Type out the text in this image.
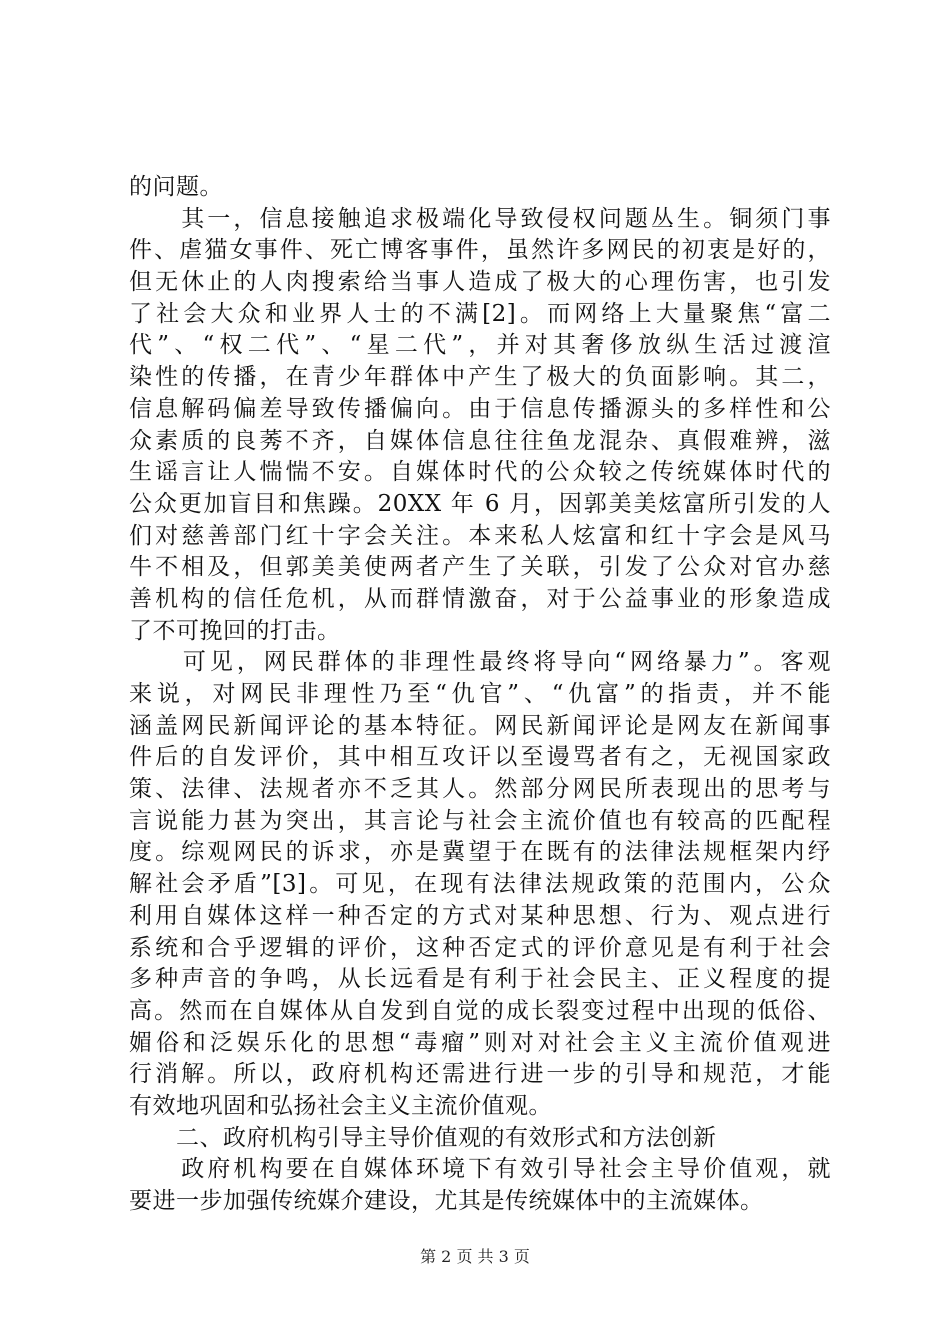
的问题。
　　其一，信息接触追求极端化导致侵权问题丛生。铜须门事
件、虐猫女事件、死亡博客事件，虽然许多网民的初衷是好的，
但无休止的人肉搜索给当事人造成了极大的心理伤害，也引发
了社会大众和业界人士的不满[2]。而网络上大量聚焦“富二
代”、“权二代”、“星二代”，并对其奢侈放纵生活过渡渲
染性的传播，在青少年群体中产生了极大的负面影响。其二，
信息解码偏差导致传播偏向。由于信息传播源头的多样性和公
众素质的良莠不齐，自媒体信息往往鱼龙混杂、真假难辨，滋
生谣言让人惴惴不安。自媒体时代的公众较之传统媒体时代的
公众更加盲目和焦躁。20XX 年 6 月，因郭美美炫富所引发的人
们对慈善部门红十字会关注。本来私人炫富和红十字会是风马
牛不相及，但郭美美使两者产生了关联，引发了公众对官办慈
善机构的信任危机，从而群情激奋，对于公益事业的形象造成
了不可挽回的打击。
　　可见，网民群体的非理性最终将导向“网络暴力”。客观
来说，对网民非理性乃至“仇官”、“仇富”的指责，并不能
涵盖网民新闻评论的基本特征。网民新闻评论是网友在新闻事
件后的自发评价，其中相互攻讦以至谩骂者有之，无视国家政
策、法律、法规者亦不乏其人。然部分网民所表现出的思考与
言说能力甚为突出，其言论与社会主流价值也有较高的匹配程
度。综观网民的诉求，亦是冀望于在既有的法律法规框架内纾
解社会矛盾”[3]。可见，在现有法律法规政策的范围内，公众
利用自媒体这样一种否定的方式对某种思想、行为、观点进行
系统和合乎逻辑的评价，这种否定式的评价意见是有利于社会
多种声音的争鸣，从长远看是有利于社会民主、正义程度的提
高。然而在自媒体从自发到自觉的成长裂变过程中出现的低俗、
媚俗和泛娱乐化的思想“毒瘤”则对对社会主义主流价值观进
行消解。所以，政府机构还需进行进一步的引导和规范，才能
有效地巩固和弘扬社会主义主流价值观。
　　二、政府机构引导主导价值观的有效形式和方法创新
　　政府机构要在自媒体环境下有效引导社会主导价值观，就
要进一步加强传统媒介建设，尤其是传统媒体中的主流媒体。
第 2 页 共 3 页
